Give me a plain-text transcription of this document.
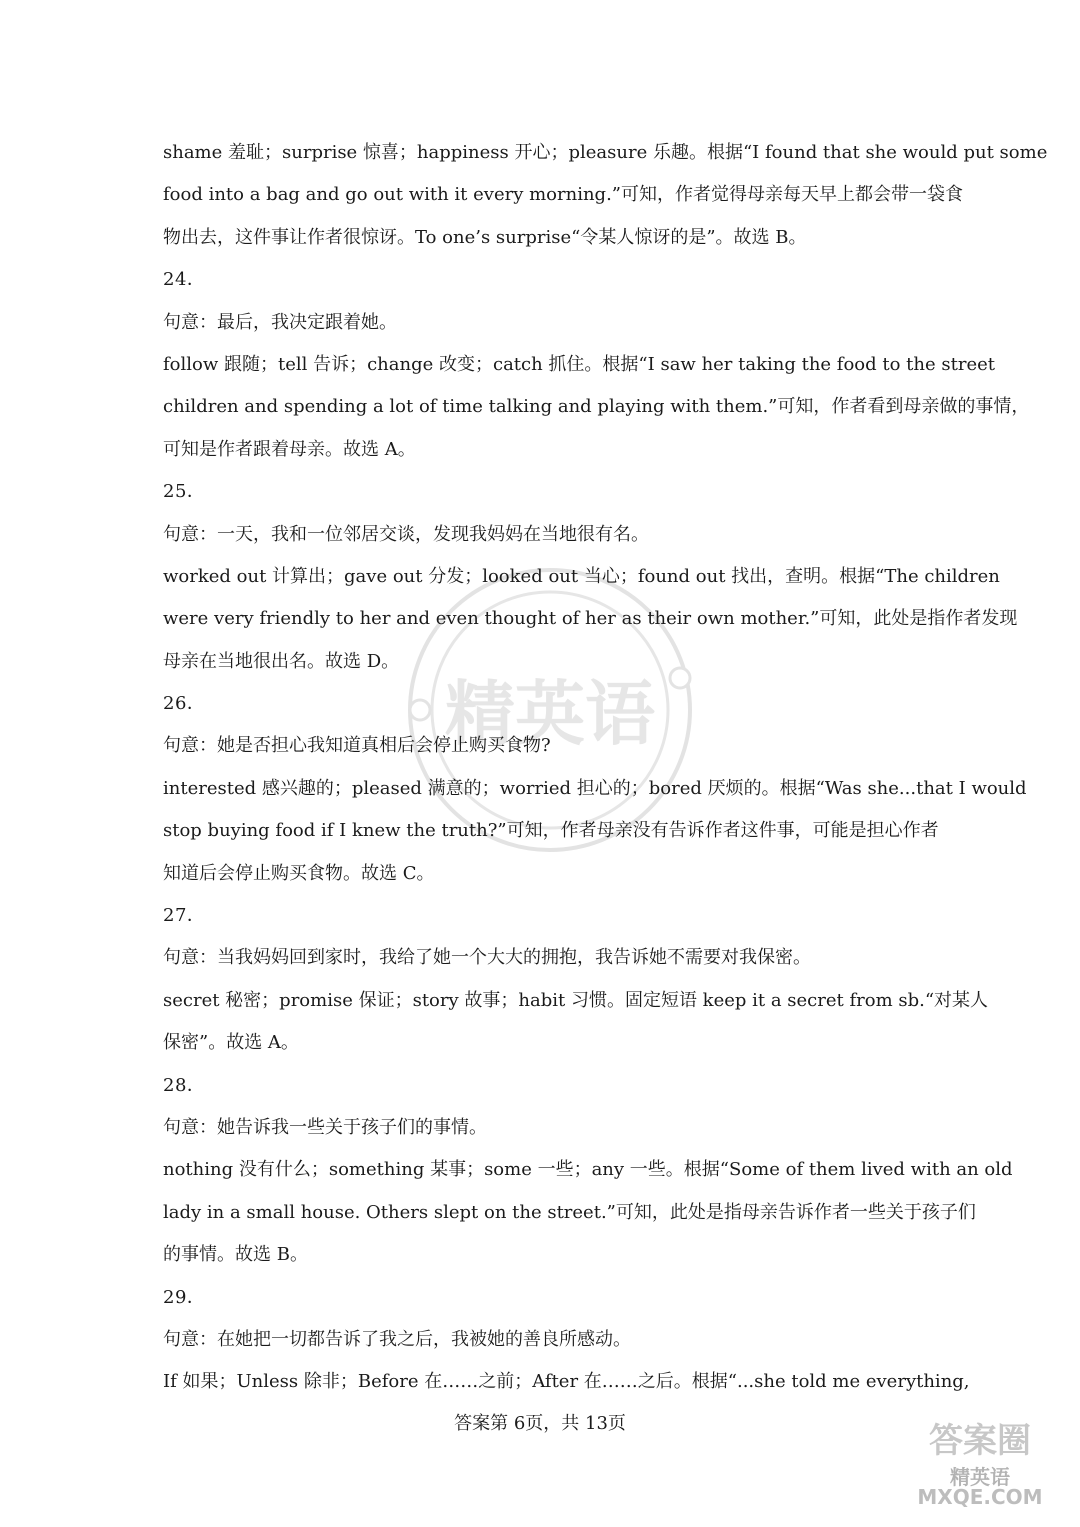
精英语
shame 羞耻；surprise 惊喜；happiness 开心；pleasure 乐趣。根据“I found that she would put some
food into a bag and go out with it every morning.”可知，作者觉得母亲每天早上都会带一袋食
物出去，这件事让作者很惊讶。To one’s surprise“令某人惊讶的是”。故选 B。
24．
句意：最后，我决定跟着她。
follow 跟随；tell 告诉；change 改变；catch 抓住。根据“I saw her taking the food to the street
children and spending a lot of time talking and playing with them.”可知，作者看到母亲做的事情，
可知是作者跟着母亲。故选 A。
25．
句意：一天，我和一位邻居交谈，发现我妈妈在当地很有名。
worked out 计算出；gave out 分发；looked out 当心；found out 找出，查明。根据“The children
were very friendly to her and even thought of her as their own mother.”可知，此处是指作者发现
母亲在当地很出名。故选 D。
26．
句意：她是否担心我知道真相后会停止购买食物?
interested 感兴趣的；pleased 满意的；worried 担心的；bored 厌烦的。根据“Was she...that I would
stop buying food if I knew the truth?”可知，作者母亲没有告诉作者这件事，可能是担心作者
知道后会停止购买食物。故选 C。
27．
句意：当我妈妈回到家时，我给了她一个大大的拥抱，我告诉她不需要对我保密。
secret 秘密；promise 保证；story 故事；habit 习惯。固定短语 keep it a secret from sb.“对某人
保密”。故选 A。
28．
句意：她告诉我一些关于孩子们的事情。
nothing 没有什么；something 某事；some 一些；any 一些。根据“Some of them lived with an old
lady in a small house. Others slept on the street.”可知，此处是指母亲告诉作者一些关于孩子们
的事情。故选 B。
29．
句意：在她把一切都告诉了我之后，我被她的善良所感动。
If 如果；Unless 除非；Before 在……之前；After 在……之后。根据“...she told me everything,
答案第 6页，共 13页	答案圈
精英语
MXQE.COM
